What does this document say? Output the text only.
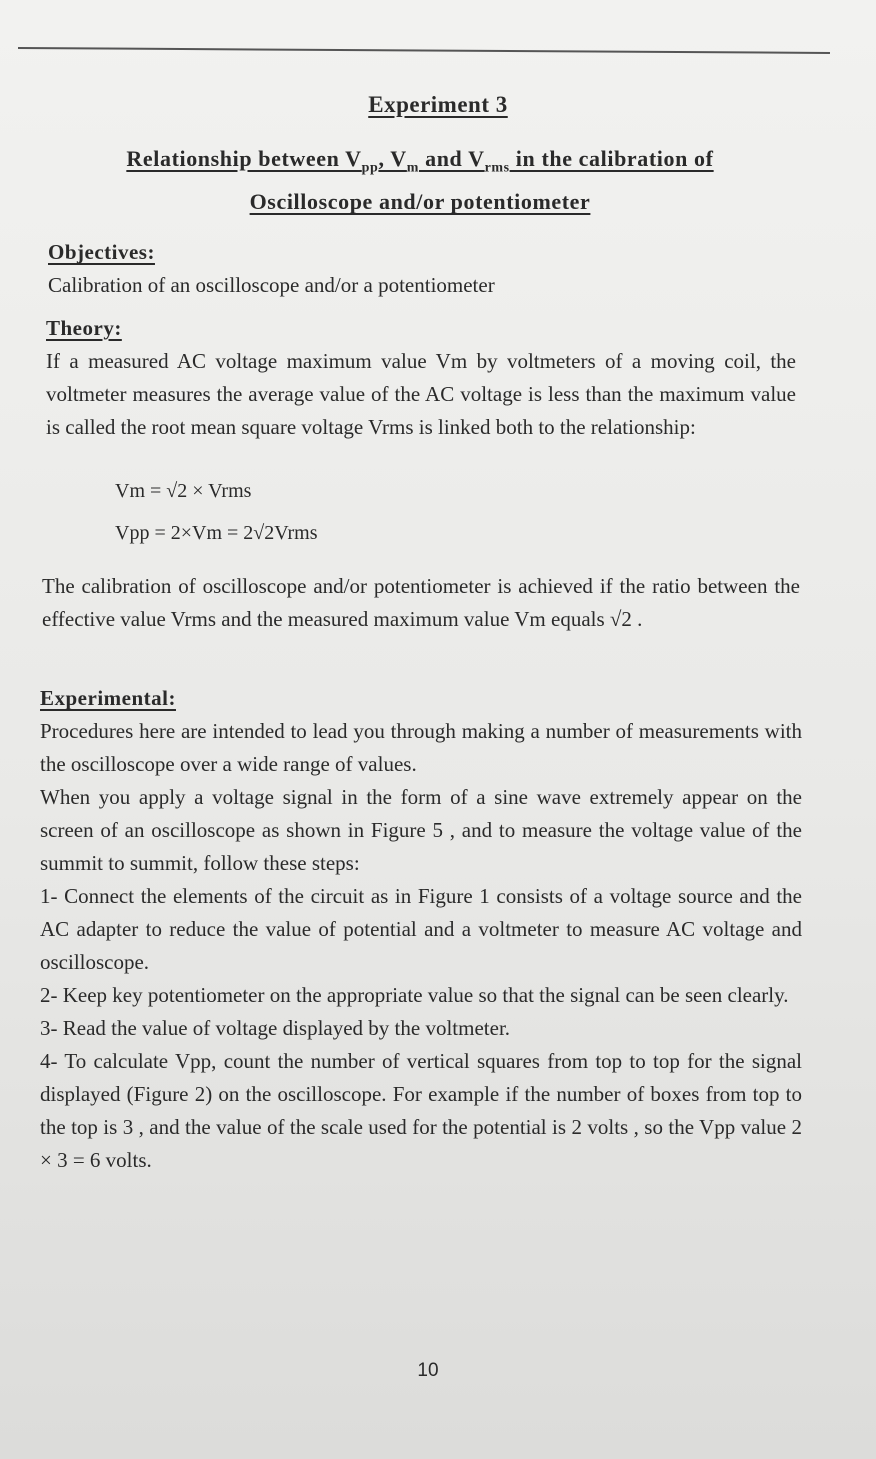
Experiment 3
Relationship between $V_{pp}$, $V_m$ and $V_{rms}$ in the calibration of
Oscilloscope and/or potentiometer
Objectives:

Calibration of an oscilloscope and/or a potentiometer

Theory:

If a measured AC voltage maximum value Vm by voltmeters of a moving coil, the voltmeter measures the average value of the AC voltage is less than the maximum value is called the root mean square voltage Vrms is linked both to the relationship:

Vm = √2 × Vrms
Vpp = 2×Vm = 2√2Vrms

The calibration of oscilloscope and/or potentiometer is achieved if the ratio between the effective value Vrms and the measured maximum value Vm equals √2 .

Experimental:

Procedures here are intended to lead you through making a number of measurements with the oscilloscope over a wide range of values.

When you apply a voltage signal in the form of a sine wave extremely appear on the screen of an oscilloscope as shown in Figure 5 , and to measure the voltage value of the summit to summit, follow these steps:

1- Connect the elements of the circuit as in Figure 1 consists of a voltage source and the AC adapter to reduce the value of potential and a voltmeter to measure AC voltage and oscilloscope.
2- Keep key potentiometer on the appropriate value so that the signal can be seen clearly.
3- Read the value of voltage displayed by the voltmeter.
4- To calculate Vpp, count the number of vertical squares from top to top for the signal displayed (Figure 2) on the oscilloscope. For example if the number of boxes from top to the top is 3 , and the value of the scale used for the potential is 2 volts , so the Vpp value 2 × 3 = 6 volts.
10
